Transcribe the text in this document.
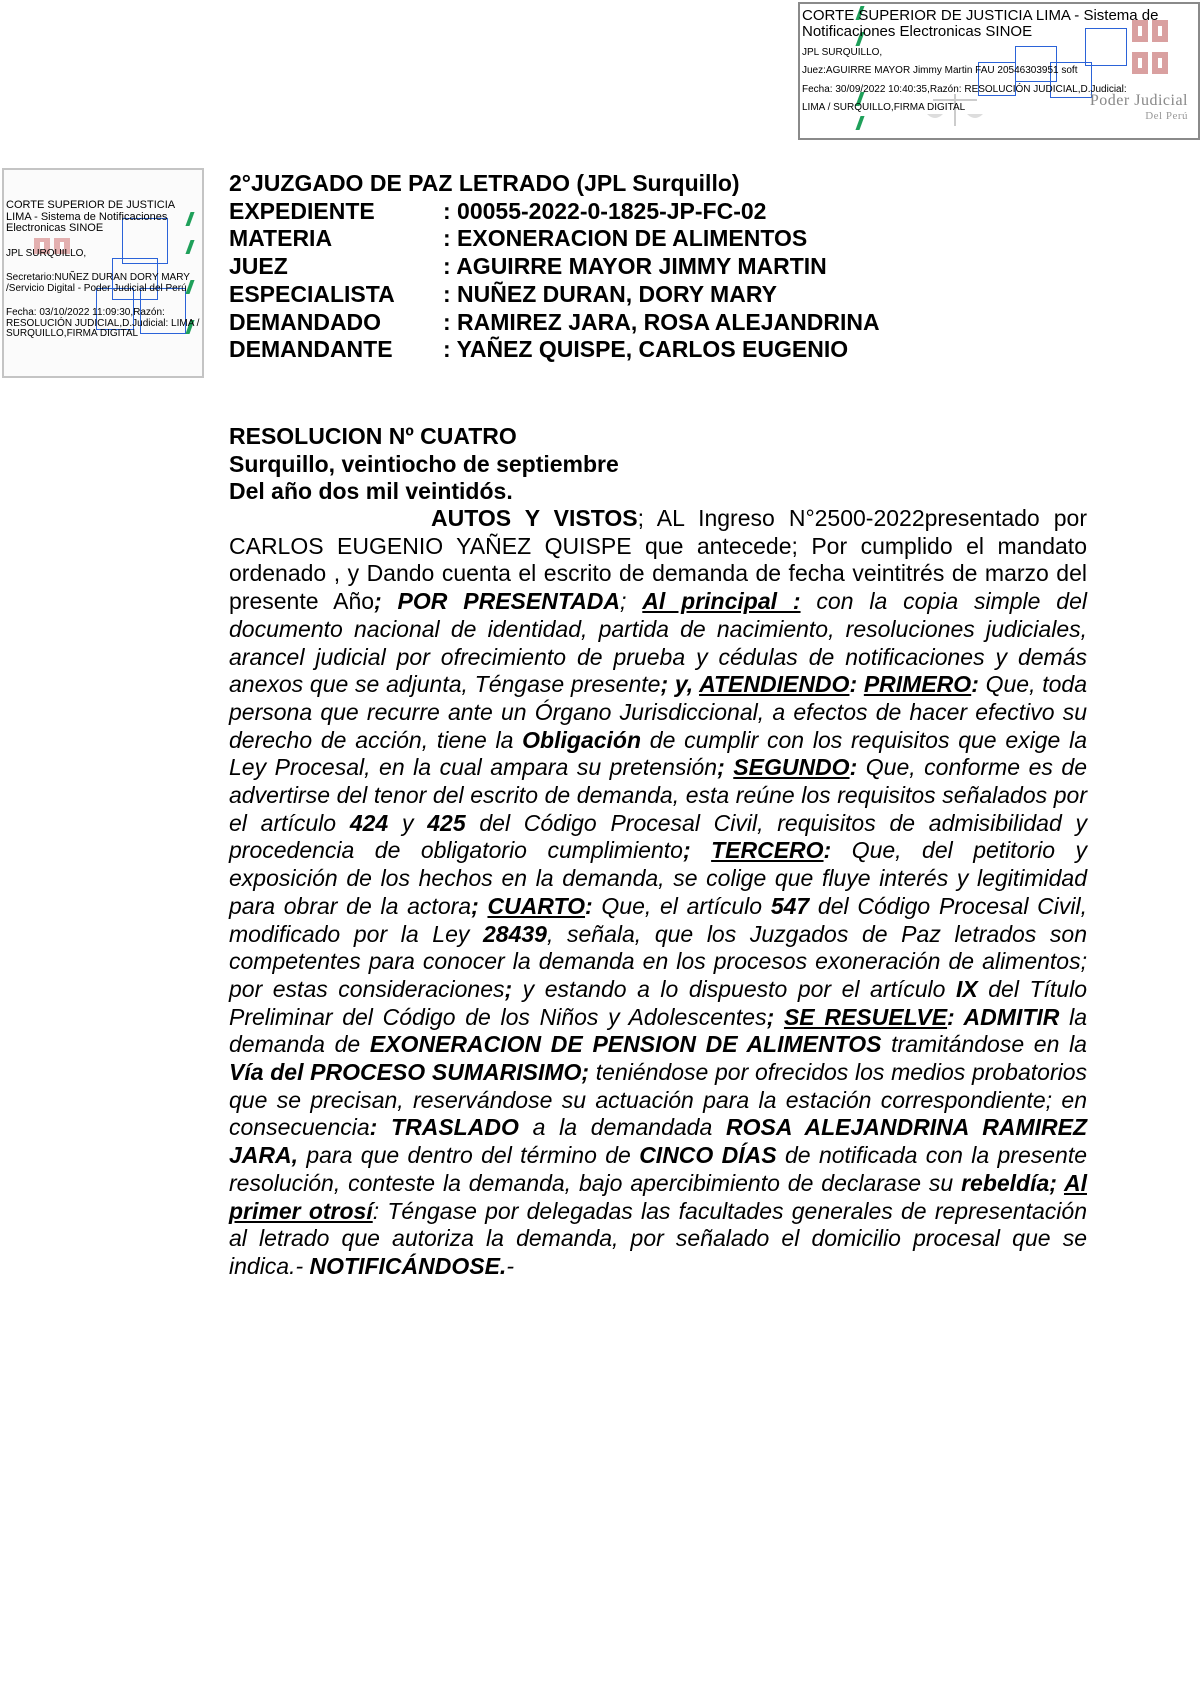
CORTE SUPERIOR DE JUSTICIA LIMA - Sistema de Notificaciones Electronicas SINOE

JPL SURQUILLO,

Juez:AGUIRRE MAYOR Jimmy Martin FAU 20546303951 soft

Fecha: 30/09/2022 10:40:35,Razón: RESOLUCIÓN JUDICIAL,D.Judicial:

LIMA / SURQUILLO,FIRMA DIGITAL	Poder Judicial
Del Perú

CORTE SUPERIOR DE JUSTICIA LIMA - Sistema de Notificaciones Electronicas SINOE

JPL SURQUILLO,

Secretario:NUÑEZ DURAN DORY MARY /Servicio Digital - Poder Judicial del Perú

Fecha: 03/10/2022 11:09:30,Razón: RESOLUCIÓN JUDICIAL,D.Judicial: LIMA / SURQUILLO,FIRMA DIGITAL

2°JUZGADO DE PAZ LETRADO (JPL Surquillo)
EXPEDIENTE	: 00055-2022-0-1825-JP-FC-02
MATERIA	: EXONERACION DE ALIMENTOS
JUEZ	: AGUIRRE MAYOR JIMMY MARTIN
ESPECIALISTA	: NUÑEZ DURAN, DORY MARY
DEMANDADO	: RAMIREZ JARA, ROSA ALEJANDRINA
DEMANDANTE	: YAÑEZ QUISPE, CARLOS EUGENIO
RESOLUCION Nº CUATRO
Surquillo, veintiocho de septiembre
Del año dos mil veintidós.

AUTOS Y VISTOS; AL Ingreso N°2500-2022presentado por CARLOS EUGENIO YAÑEZ QUISPE que antecede; Por cumplido el mandato ordenado , y Dando cuenta el escrito de demanda de fecha veintitrés de marzo del presente Año; POR PRESENTADA; Al principal : con la copia simple del documento nacional de identidad, partida de nacimiento, resoluciones judiciales, arancel judicial por ofrecimiento de prueba y cédulas de notificaciones y demás anexos que se adjunta, Téngase presente; y, ATENDIENDO: PRIMERO: Que, toda persona que recurre ante un Órgano Jurisdiccional, a efectos de hacer efectivo su derecho de acción, tiene la Obligación de cumplir con los requisitos que exige la Ley Procesal, en la cual ampara su pretensión; SEGUNDO: Que, conforme es de advertirse del tenor del escrito de demanda, esta reúne los requisitos señalados por el artículo 424 y 425 del Código Procesal Civil, requisitos de admisibilidad y procedencia de obligatorio cumplimiento; TERCERO: Que, del petitorio y exposición de los hechos en la demanda, se colige que fluye interés y legitimidad para obrar de la actora; CUARTO: Que, el artículo 547 del Código Procesal Civil, modificado por la Ley 28439, señala, que los Juzgados de Paz letrados son competentes para conocer la demanda en los procesos exoneración de alimentos; por estas consideraciones; y estando a lo dispuesto por el artículo IX del Título Preliminar del Código de los Niños y Adolescentes; SE RESUELVE: ADMITIR la demanda de EXONERACION DE PENSION DE ALIMENTOS tramitándose en la Vía del PROCESO SUMARISIMO; teniéndose por ofrecidos los medios probatorios que se precisan, reservándose su actuación para la estación correspondiente; en consecuencia: TRASLADO a la demandada ROSA ALEJANDRINA RAMIREZ JARA, para que dentro del término de CINCO DÍAS de notificada con la presente resolución, conteste la demanda, bajo apercibimiento de declarase su rebeldía; Al primer otrosí: Téngase por delegadas las facultades generales de representación al letrado que autoriza la demanda, por señalado el domicilio procesal que se indica.- NOTIFICÁNDOSE.-
